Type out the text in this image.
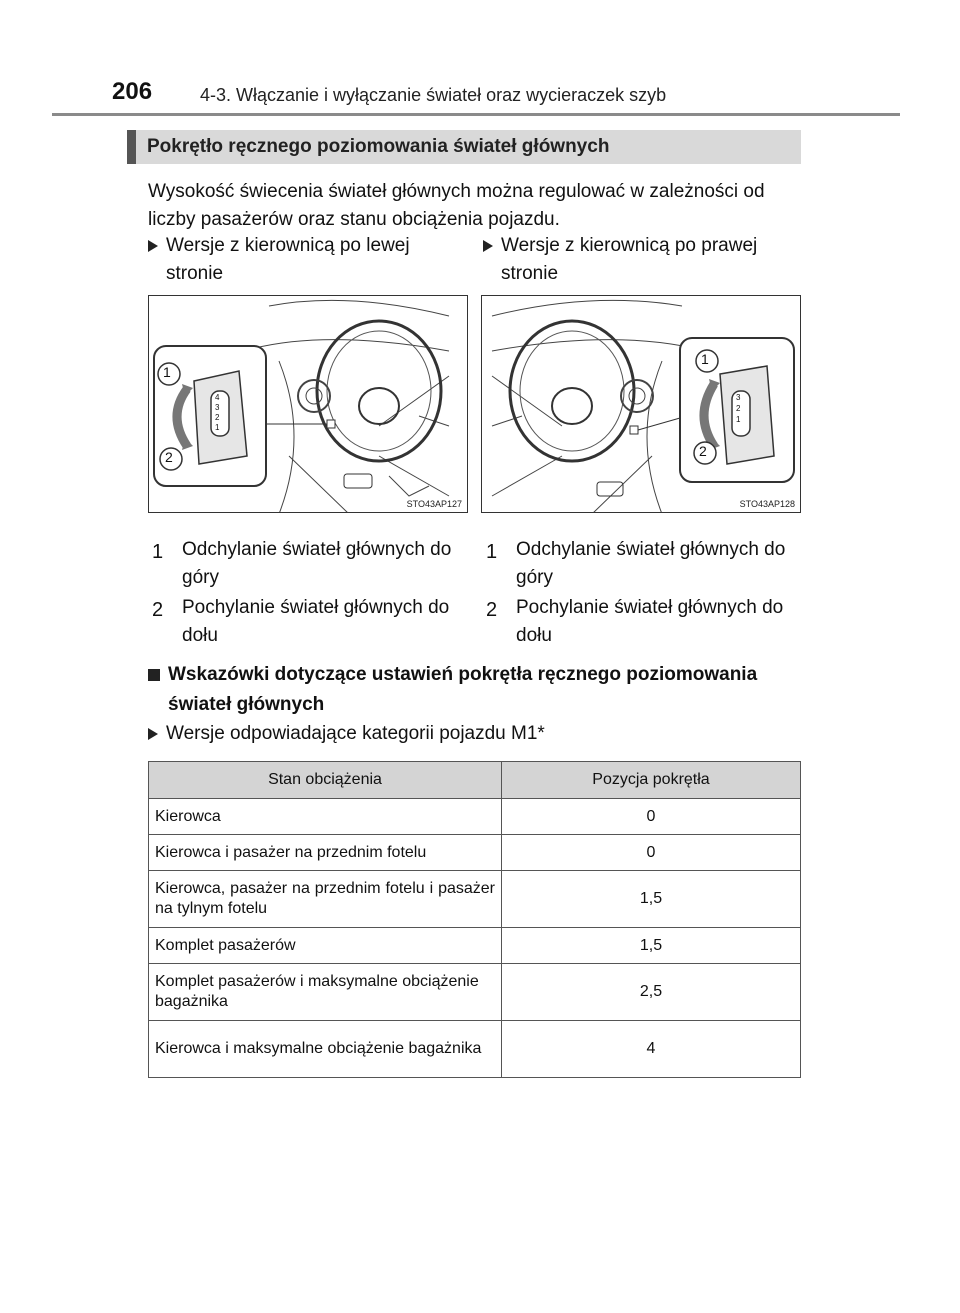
206	4-3. Włączanie i wyłączanie świateł oraz wycieraczek szyb
Pokrętło ręcznego poziomowania świateł głównych
Wysokość świecenia świateł głównych można regulować w zależności od liczby pasażerów oraz stanu obciążenia pojazdu.
Wersje z kierownicą po lewej stronie
Wersje z kierownicą po prawej stronie
1
2
4
3
2
1
STO43AP127
1
2
3
2
1
STO43AP128
1 Odchylanie świateł głównych do góry
2 Pochylanie świateł głównych do dołu
1 Odchylanie świateł głównych do góry
2 Pochylanie świateł głównych do dołu
Wskazówki dotyczące ustawień pokrętła ręcznego poziomowania świateł głównych
Wersje odpowiadające kategorii pojazdu M1*
Stan obciążenia	Pozycja pokrętła
Kierowca	0
Kierowca i pasażer na przednim fotelu	0
Kierowca, pasażer na przednim fotelu i pasażer na tylnym fotelu	1,5
Komplet pasażerów	1,5
Komplet pasażerów i maksymalne obciążenie bagażnika	2,5
Kierowca i maksymalne obciążenie bagażnika	4
